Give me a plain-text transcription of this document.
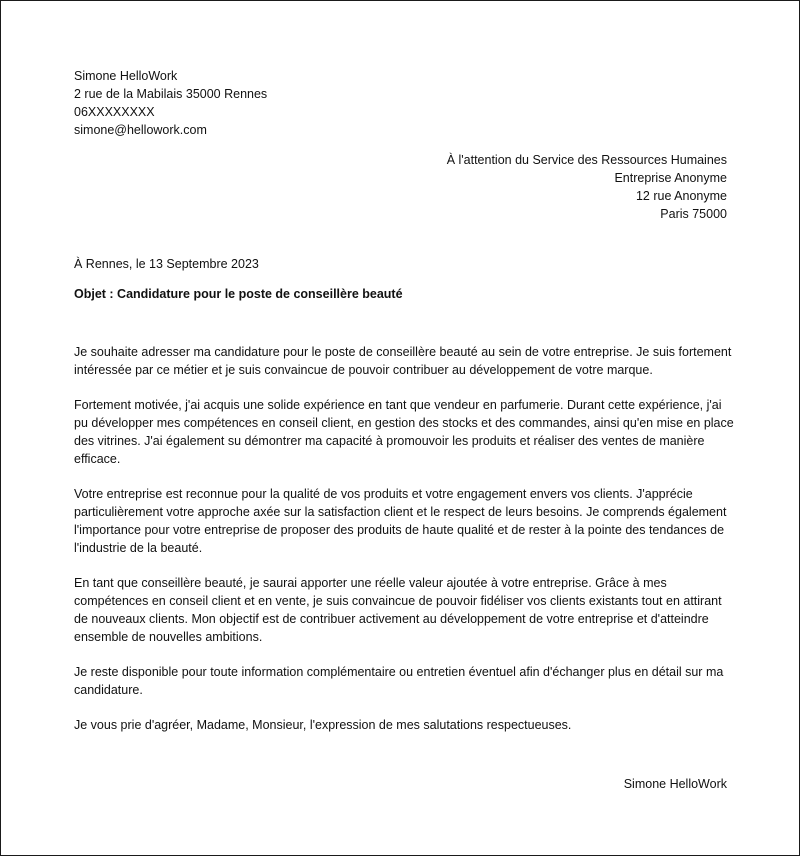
Simone HelloWork
2 rue de la Mabilais 35000 Rennes
06XXXXXXXX
simone@hellowork.com
À l'attention du Service des Ressources Humaines
Entreprise Anonyme
12 rue Anonyme
Paris 75000
À Rennes, le 13 Septembre 2023
Objet : Candidature pour le poste de conseillère beauté

Je souhaite adresser ma candidature pour le poste de conseillère beauté au sein de votre entreprise. Je suis fortement intéressée par ce métier et je suis convaincue de pouvoir contribuer au développement de votre marque.

Fortement motivée, j'ai acquis une solide expérience en tant que vendeur en parfumerie. Durant cette expérience, j'ai pu développer mes compétences en conseil client, en gestion des stocks et des commandes, ainsi qu'en mise en place des vitrines. J'ai également su démontrer ma capacité à promouvoir les produits et réaliser des ventes de manière efficace.

Votre entreprise est reconnue pour la qualité de vos produits et votre engagement envers vos clients. J'apprécie particulièrement votre approche axée sur la satisfaction client et le respect de leurs besoins. Je comprends également l'importance pour votre entreprise de proposer des produits de haute qualité et de rester à la pointe des tendances de l'industrie de la beauté.

En tant que conseillère beauté, je saurai apporter une réelle valeur ajoutée à votre entreprise. Grâce à mes compétences en conseil client et en vente, je suis convaincue de pouvoir fidéliser vos clients existants tout en attirant de nouveaux clients. Mon objectif est de contribuer activement au développement de votre entreprise et d'atteindre ensemble de nouvelles ambitions.

Je reste disponible pour toute information complémentaire ou entretien éventuel afin d'échanger plus en détail sur ma candidature.

Je vous prie d'agréer, Madame, Monsieur, l'expression de mes salutations respectueuses.

Simone HelloWork
